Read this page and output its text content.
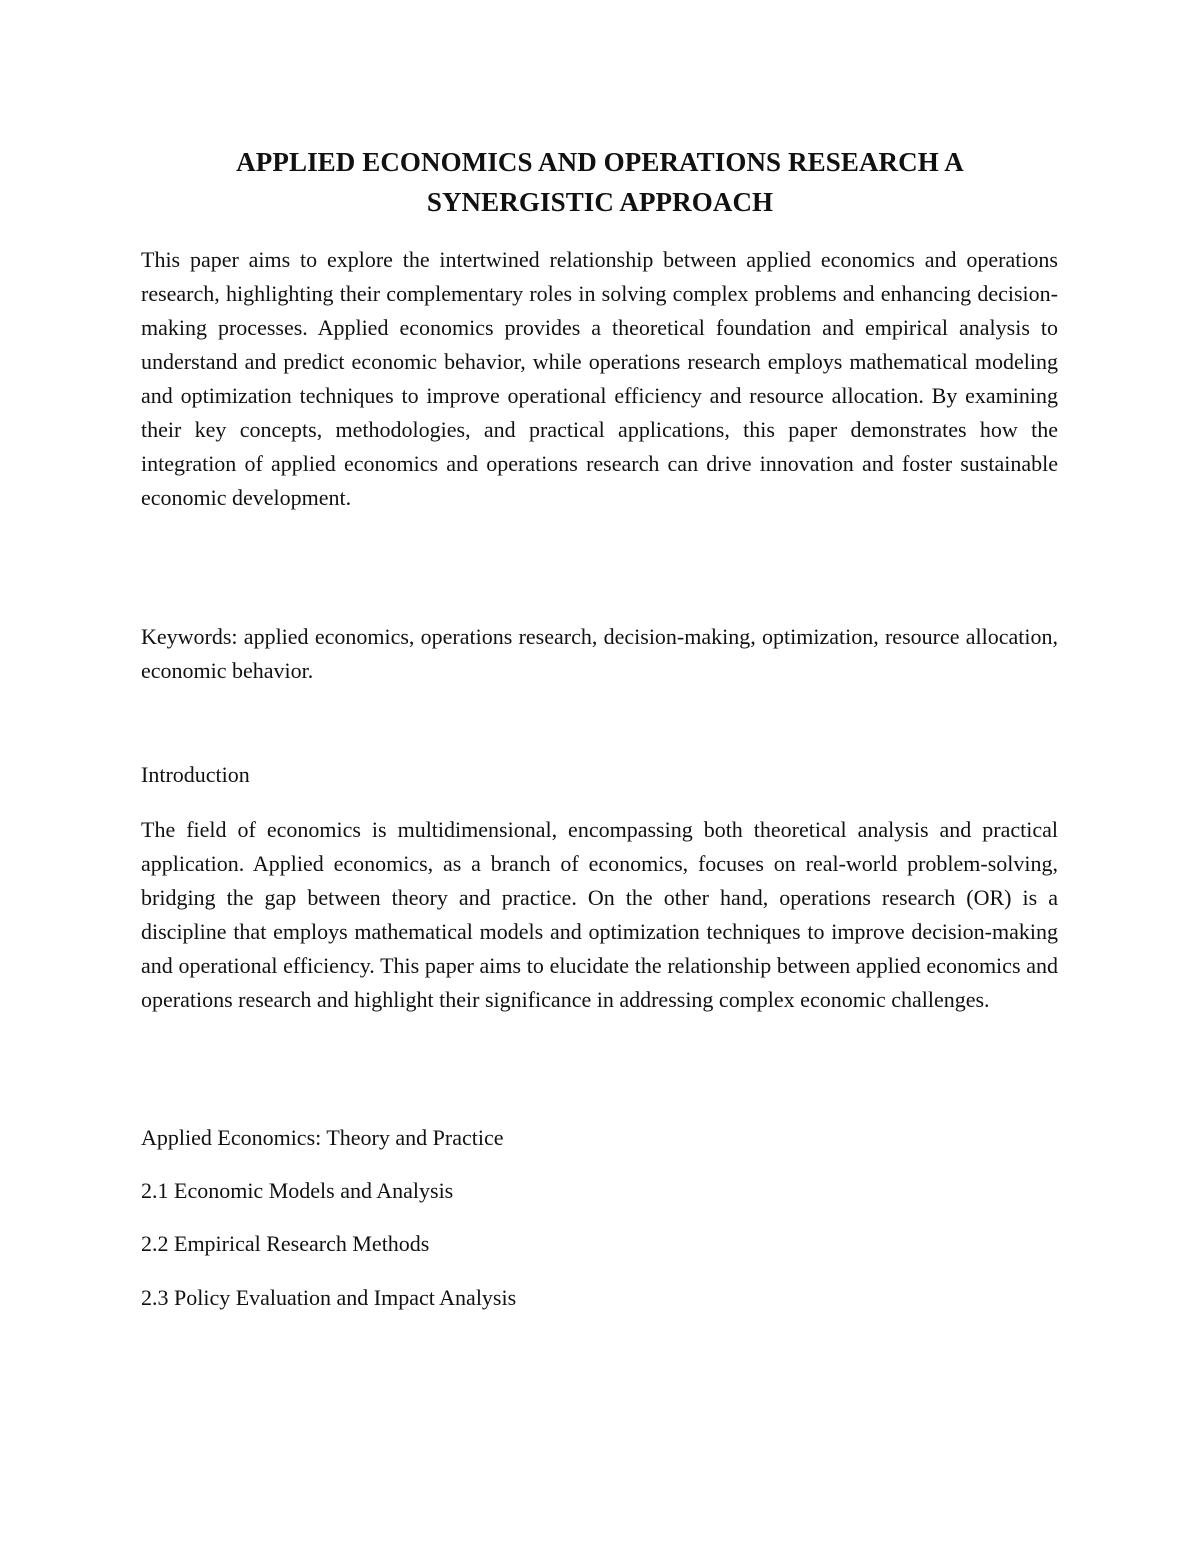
APPLIED ECONOMICS AND OPERATIONS RESEARCH A SYNERGISTIC APPROACH

This paper aims to explore the intertwined relationship between applied economics and operations research, highlighting their complementary roles in solving complex problems and enhancing decision-making processes. Applied economics provides a theoretical foundation and empirical analysis to understand and predict economic behavior, while operations research employs mathematical modeling and optimization techniques to improve operational efficiency and resource allocation. By examining their key concepts, methodologies, and practical applications, this paper demonstrates how the integration of applied economics and operations research can drive innovation and foster sustainable economic development.

Keywords: applied economics, operations research, decision-making, optimization, resource allocation, economic behavior.

Introduction

The field of economics is multidimensional, encompassing both theoretical analysis and practical application. Applied economics, as a branch of economics, focuses on real-world problem-solving, bridging the gap between theory and practice. On the other hand, operations research (OR) is a discipline that employs mathematical models and optimization techniques to improve decision-making and operational efficiency. This paper aims to elucidate the relationship between applied economics and operations research and highlight their significance in addressing complex economic challenges.

Applied Economics: Theory and Practice

2.1 Economic Models and Analysis

2.2 Empirical Research Methods

2.3 Policy Evaluation and Impact Analysis
